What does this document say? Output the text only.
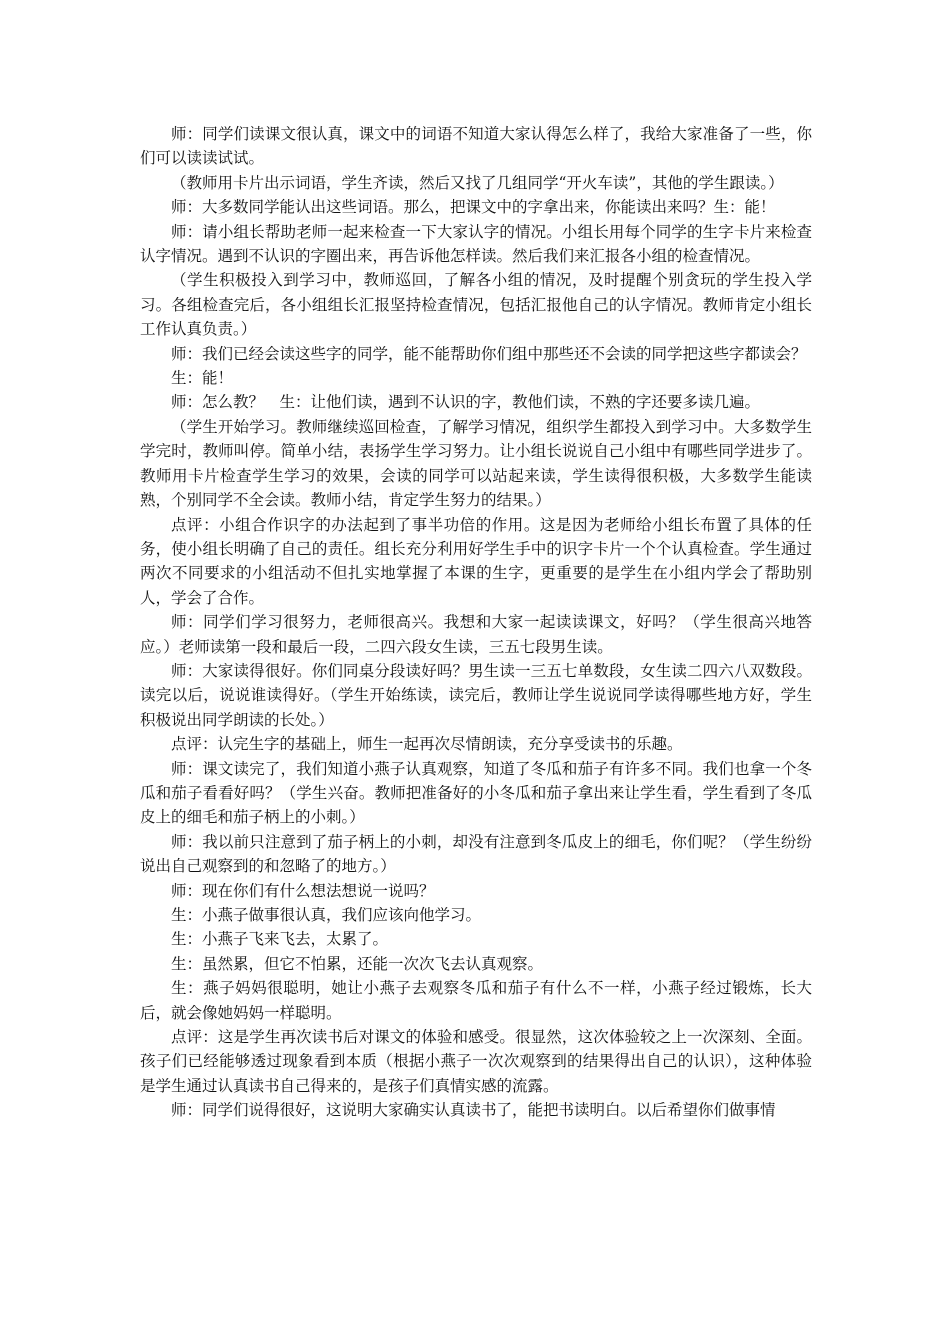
师：同学们读课文很认真，课文中的词语不知道大家认得怎么样了，我给大家准备了一些，你们可以读读试试。

（教师用卡片出示词语，学生齐读，然后又找了几组同学“开火车读”，其他的学生跟读。）

师：大多数同学能认出这些词语。那么，把课文中的字拿出来，你能读出来吗？生：能！

师：请小组长帮助老师一起来检查一下大家认字的情况。小组长用每个同学的生字卡片来检查认字情况。遇到不认识的字圈出来，再告诉他怎样读。然后我们来汇报各小组的检查情况。

（学生积极投入到学习中，教师巡回，了解各小组的情况，及时提醒个别贪玩的学生投入学习。各组检查完后，各小组组长汇报坚持检查情况，包括汇报他自己的认字情况。教师肯定小组长工作认真负责。）

师：我们已经会读这些字的同学，能不能帮助你们组中那些还不会读的同学把这些字都读会？

生：能！

师：怎么教？　生：让他们读，遇到不认识的字，教他们读，不熟的字还要多读几遍。

（学生开始学习。教师继续巡回检查，了解学习情况，组织学生都投入到学习中。大多数学生学完时，教师叫停。简单小结，表扬学生学习努力。让小组长说说自己小组中有哪些同学进步了。教师用卡片检查学生学习的效果，会读的同学可以站起来读，学生读得很积极，大多数学生能读熟，个别同学不全会读。教师小结，肯定学生努力的结果。）

点评：小组合作识字的办法起到了事半功倍的作用。这是因为老师给小组长布置了具体的任务，使小组长明确了自己的责任。组长充分利用好学生手中的识字卡片一个个认真检查。学生通过两次不同要求的小组活动不但扎实地掌握了本课的生字，更重要的是学生在小组内学会了帮助别人，学会了合作。

师：同学们学习很努力，老师很高兴。我想和大家一起读读课文，好吗？（学生很高兴地答应。）老师读第一段和最后一段，二四六段女生读，三五七段男生读。

师：大家读得很好。你们同桌分段读好吗？男生读一三五七单数段，女生读二四六八双数段。读完以后，说说谁读得好。（学生开始练读，读完后，教师让学生说说同学读得哪些地方好，学生积极说出同学朗读的长处。）

点评：认完生字的基础上，师生一起再次尽情朗读，充分享受读书的乐趣。

师：课文读完了，我们知道小燕子认真观察，知道了冬瓜和茄子有许多不同。我们也拿一个冬瓜和茄子看看好吗？（学生兴奋。教师把准备好的小冬瓜和茄子拿出来让学生看，学生看到了冬瓜皮上的细毛和茄子柄上的小刺。）

师：我以前只注意到了茄子柄上的小刺，却没有注意到冬瓜皮上的细毛，你们呢？（学生纷纷说出自己观察到的和忽略了的地方。）

师：现在你们有什么想法想说一说吗？

生：小燕子做事很认真，我们应该向他学习。

生：小燕子飞来飞去，太累了。

生：虽然累，但它不怕累，还能一次次飞去认真观察。

生：燕子妈妈很聪明，她让小燕子去观察冬瓜和茄子有什么不一样，小燕子经过锻炼，长大后，就会像她妈妈一样聪明。

点评：这是学生再次读书后对课文的体验和感受。很显然，这次体验较之上一次深刻、全面。孩子们已经能够透过现象看到本质（根据小燕子一次次观察到的结果得出自己的认识），这种体验是学生通过认真读书自己得来的，是孩子们真情实感的流露。

师：同学们说得很好，这说明大家确实认真读书了，能把书读明白。以后希望你们做事情
